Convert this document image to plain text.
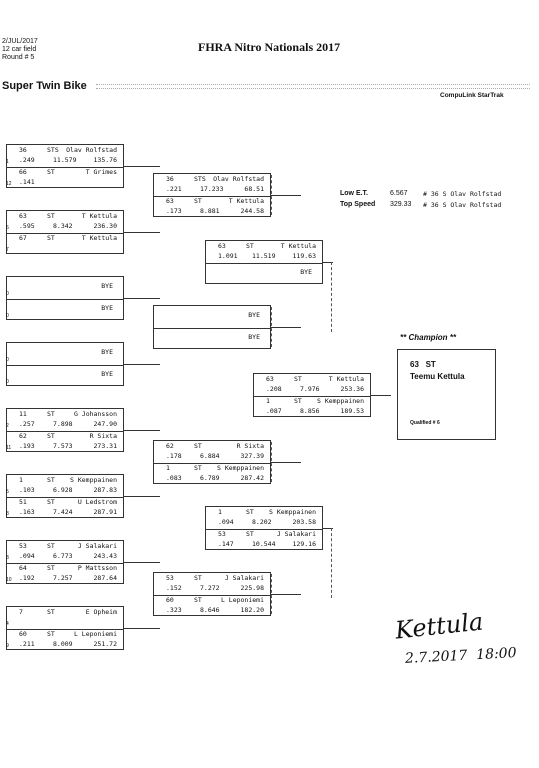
2/JUL/2017
12 car field
Round # 5
FHRA Nitro Nationals 2017
Super Twin Bike
CompuLink StarTrak
Low E.T.	6.567 # 36 S Olav Rolfstad
Top Speed 329.33 # 36 S Olav Rolfstad
** Champion **
63   ST
Teemu Kettula
Qualified # 6
36	STS Olav Rolfstad
.249	11.579	135.76
1
66	ST	T Grimes
.141
12
63	ST	T Kettula
.595	8.342	236.30
6
67	ST	T Kettula
7
BYE
0
BYE
0
BYE
0
BYE
0
11	ST	G Johansson
.257	7.898	247.90
2
62	ST	R Sixta
.193	7.573	273.31
11
1	ST S Kemppainen
.103	6.928	287.83
5
51	ST	U Ledstrom
.163	7.424	287.91
8
53	ST	J Salakari
.094	6.773	243.43
3
64	ST	P Mattsson
.192	7.257	287.64
10
7	ST	E Opheim
4
60	ST	L Leponiemi
.211	8.009	251.72
9
36	STS Olav Rolfstad
.221	17.233	68.51
63	ST	T Kettula
.173	8.881	244.58
BYE
BYE
62	ST	R Sixta
.178	6.884	327.39
1	ST S Kemppainen
.083	6.789	287.42
53	ST	J Salakari
.152	7.272	225.98
60	ST	L Leponiemi
.323	8.646	182.20
63	ST	T Kettula
1.091 11.519	119.63
BYE
1	ST S Kemppainen
.094	8.202	203.58
53	ST	J Salakari
.147	10.544	129.16
63	ST	T Kettula
.208	7.976	253.36
1	ST S Kemppainen
.087	8.856	189.53
Kettula
2.7.2017  18:00
